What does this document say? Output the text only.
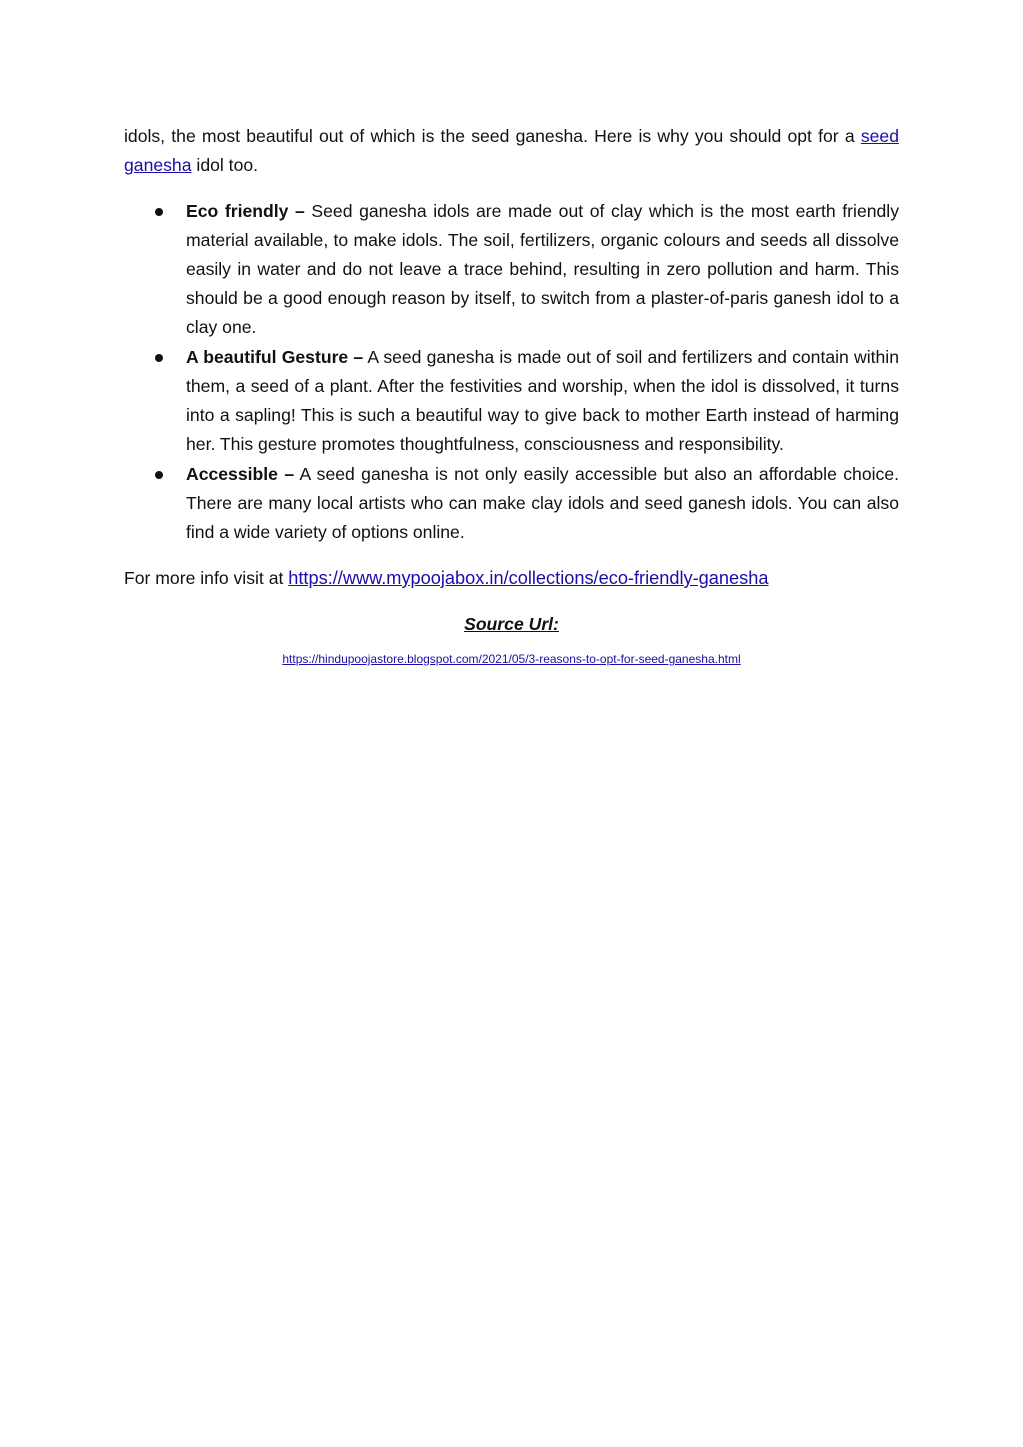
idols, the most beautiful out of which is the seed ganesha. Here is why you should opt for a seed ganesha idol too.

Eco friendly – Seed ganesha idols are made out of clay which is the most earth friendly material available, to make idols. The soil, fertilizers, organic colours and seeds all dissolve easily in water and do not leave a trace behind, resulting in zero pollution and harm. This should be a good enough reason by itself, to switch from a plaster-of-paris ganesh idol to a clay one.
A beautiful Gesture – A seed ganesha is made out of soil and fertilizers and contain within them, a seed of a plant. After the festivities and worship, when the idol is dissolved, it turns into a sapling! This is such a beautiful way to give back to mother Earth instead of harming her. This gesture promotes thoughtfulness, consciousness and responsibility.
Accessible – A seed ganesha is not only easily accessible but also an affordable choice. There are many local artists who can make clay idols and seed ganesh idols. You can also find a wide variety of options online.

For more info visit at https://www.mypoojabox.in/collections/eco-friendly-ganesha

Source Url:

https://hindupoojastore.blogspot.com/2021/05/3-reasons-to-opt-for-seed-ganesha.html
